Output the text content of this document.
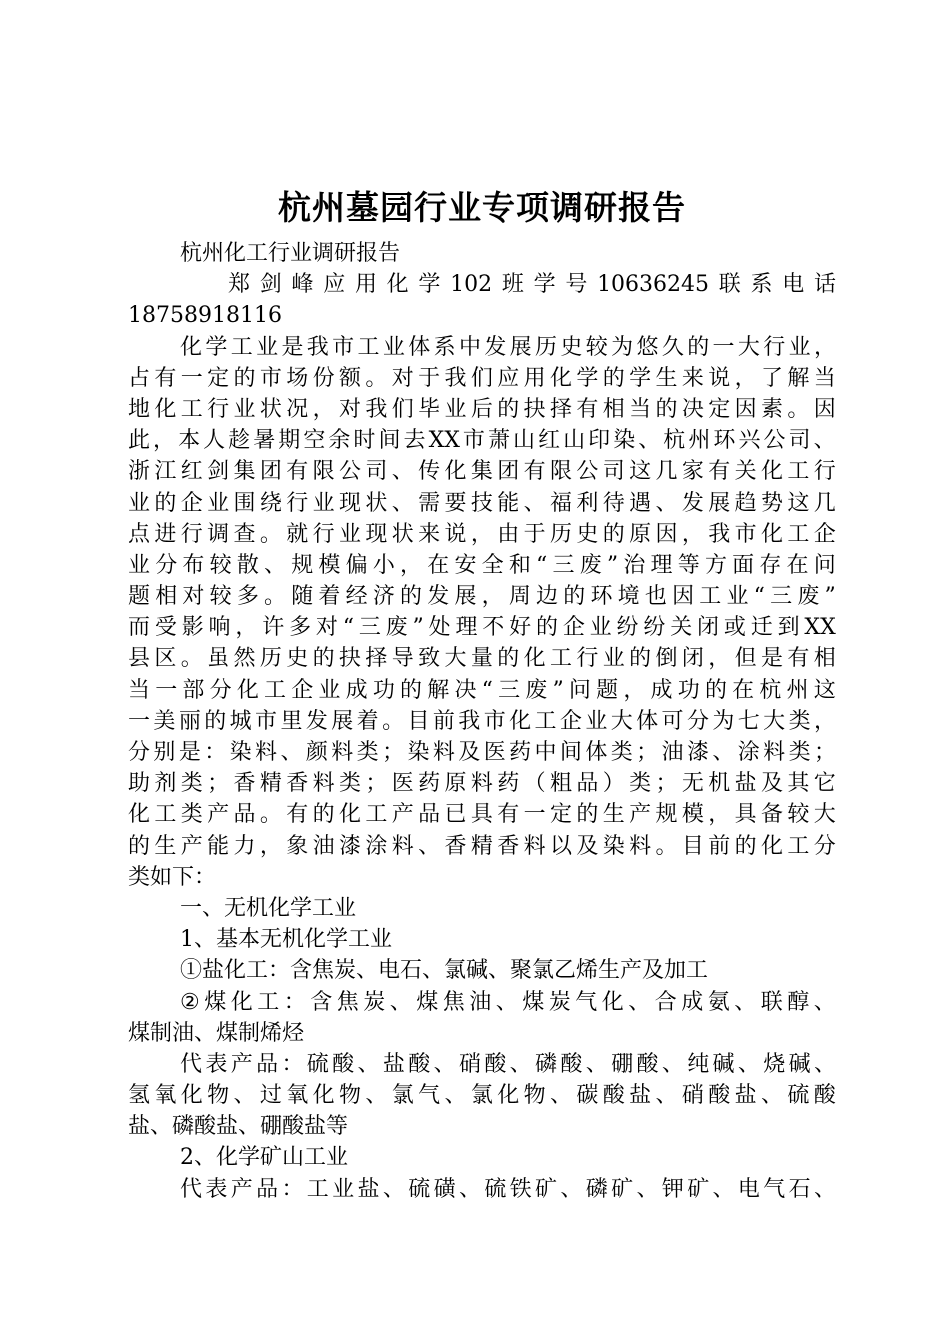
杭州墓园行业专项调研报告
杭州化工行业调研报告
郑 剑 峰 应 用 化 学 102 班 学 号 10636245 联 系 电 话
18758918116
化 学 工 业 是 我 市 工 业 体 系 中 发 展 历 史 较 为 悠 久 的 一 大 行 业 ，
占 有 一 定 的 市 场 份 额 。 对 于 我 们 应 用 化 学 的 学 生 来 说 ， 了 解 当
地 化 工 行 业 状 况 ， 对 我 们 毕 业 后 的 抉 择 有 相 当 的 决 定 因 素 。 因
此 ， 本 人 趁 暑 期 空 余 时 间 去 XX 市 萧 山 红 山 印 染 、 杭 州 环 兴 公 司 、
浙 江 红 剑 集 团 有 限 公 司 、 传 化 集 团 有 限 公 司 这 几 家 有 关 化 工 行
业 的 企 业 围 绕 行 业 现 状 、 需 要 技 能 、 福 利 待 遇 、 发 展 趋 势 这 几
点 进 行 调 查 。 就 行 业 现 状 来 说 ， 由 于 历 史 的 原 因 ， 我 市 化 工 企
业 分 布 较 散 、 规 模 偏 小 ， 在 安 全 和 “ 三 废 ” 治 理 等 方 面 存 在 问
题 相 对 较 多 。 随 着 经 济 的 发 展 ， 周 边 的 环 境 也 因 工 业 “ 三 废 ”
而 受 影 响 ， 许 多 对 “ 三 废 ” 处 理 不 好 的 企 业 纷 纷 关 闭 或 迁 到 XX
县 区 。 虽 然 历 史 的 抉 择 导 致 大 量 的 化 工 行 业 的 倒 闭 ， 但 是 有 相
当 一 部 分 化 工 企 业 成 功 的 解 决 “ 三 废 ” 问 题 ， 成 功 的 在 杭 州 这
一 美 丽 的 城 市 里 发 展 着 。 目 前 我 市 化 工 企 业 大 体 可 分 为 七 大 类 ，
分 别 是 ： 染 料 、 颜 料 类 ； 染 料 及 医 药 中 间 体 类 ； 油 漆 、 涂 料 类 ；
助 剂 类 ； 香 精 香 料 类 ； 医 药 原 料 药 （ 粗 品 ） 类 ； 无 机 盐 及 其 它
化 工 类 产 品 。 有 的 化 工 产 品 已 具 有 一 定 的 生 产 规 模 ， 具 备 较 大
的 生 产 能 力 ， 象 油 漆 涂 料 、 香 精 香 料 以 及 染 料 。 目 前 的 化 工 分
类如下：
一、无机化学工业
1、基本无机化学工业
①盐化工：含焦炭、电石、氯碱、聚氯乙烯生产及加工
② 煤 化 工 ： 含 焦 炭 、 煤 焦 油 、 煤 炭 气 化 、 合 成 氨 、 联 醇 、
煤制油、煤制烯烃
代 表 产 品 ： 硫 酸 、 盐 酸 、 硝 酸 、 磷 酸 、 硼 酸 、 纯 碱 、 烧 碱 、
氢 氧 化 物 、 过 氧 化 物 、 氯 气 、 氯 化 物 、 碳 酸 盐 、 硝 酸 盐 、 硫 酸
盐、磷酸盐、硼酸盐等
2、化学矿山工业
代 表 产 品 ： 工 业 盐 、 硫 磺 、 硫 铁 矿 、 磷 矿 、 钾 矿 、 电 气 石 、
